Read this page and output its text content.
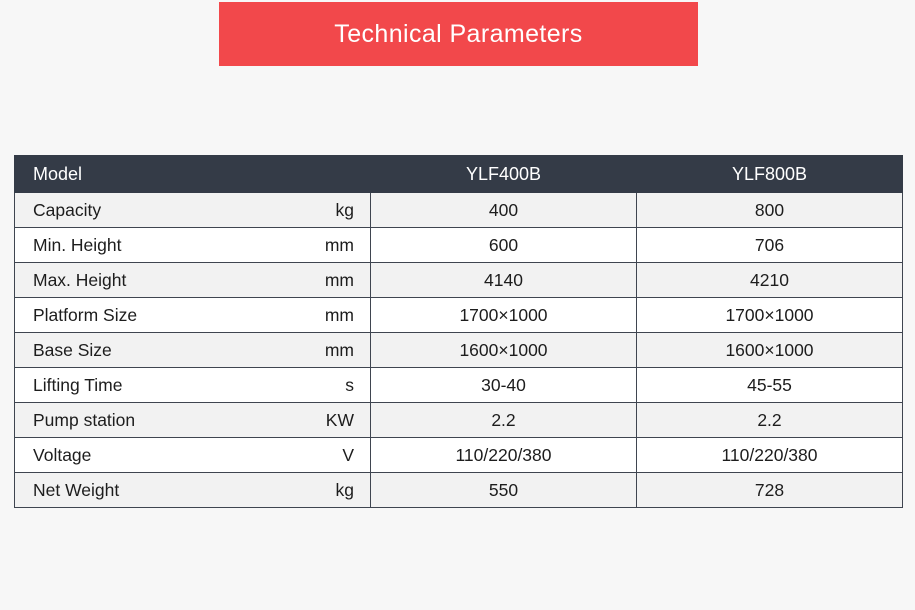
Technical Parameters
Model		YLF400B	YLF800B
Capacity	kg	400	800
Min. Height	mm	600	706
Max. Height	mm	4140	4210
Platform Size	mm	1700×1000	1700×1000
Base Size	mm	1600×1000	1600×1000
Lifting Time	s	30-40	45-55
Pump station	KW	2.2	2.2
Voltage	V	110/220/380	110/220/380
Net Weight	kg	550	728
